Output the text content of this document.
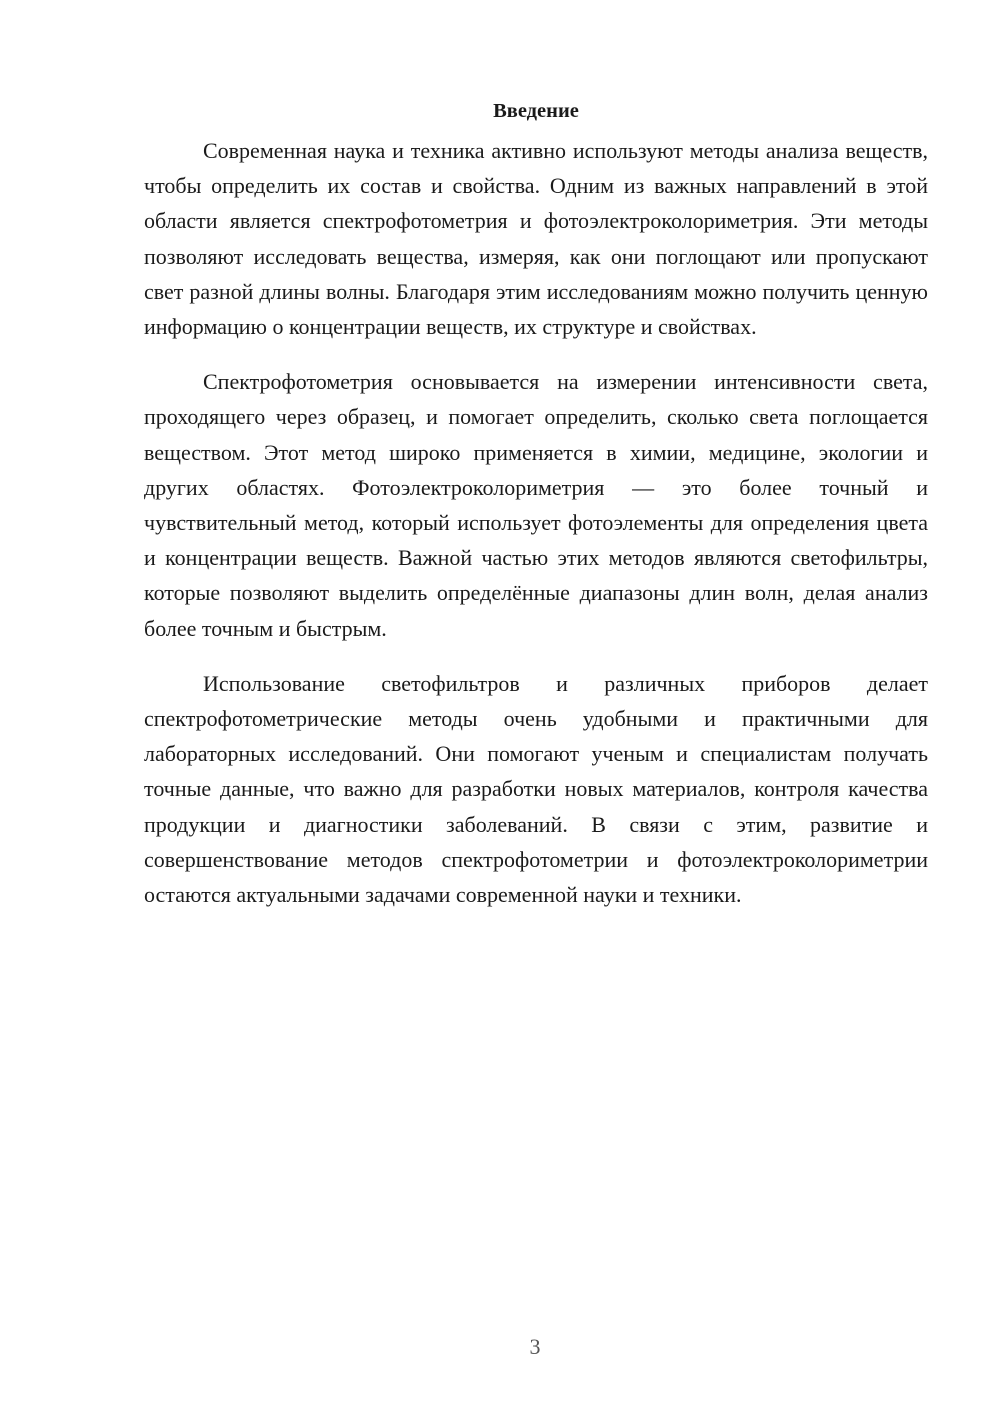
Введение

Современная наука и техника активно используют методы анализа веществ, чтобы определить их состав и свойства. Одним из важных направлений в этой области является спектрофотометрия и фотоэлектроколориметрия. Эти методы позволяют исследовать вещества, измеряя, как они поглощают или пропускают свет разной длины волны. Благодаря этим исследованиям можно получить ценную информацию о концентрации веществ, их структуре и свойствах.

Спектрофотометрия основывается на измерении интенсивности света, проходящего через образец, и помогает определить, сколько света поглощается веществом. Этот метод широко применяется в химии, медицине, экологии и других областях. Фотоэлектроколориметрия — это более точный и чувствительный метод, который использует фотоэлементы для определения цвета и концентрации веществ. Важной частью этих методов являются светофильтры, которые позволяют выделить определённые диапазоны длин волн, делая анализ более точным и быстрым.

Использование светофильтров и различных приборов делает спектрофотометрические методы очень удобными и практичными для лабораторных исследований. Они помогают ученым и специалистам получать точные данные, что важно для разработки новых материалов, контроля качества продукции и диагностики заболеваний. В связи с этим, развитие и совершенствование методов спектрофотометрии и фотоэлектроколориметрии остаются актуальными задачами современной науки и техники.

3
